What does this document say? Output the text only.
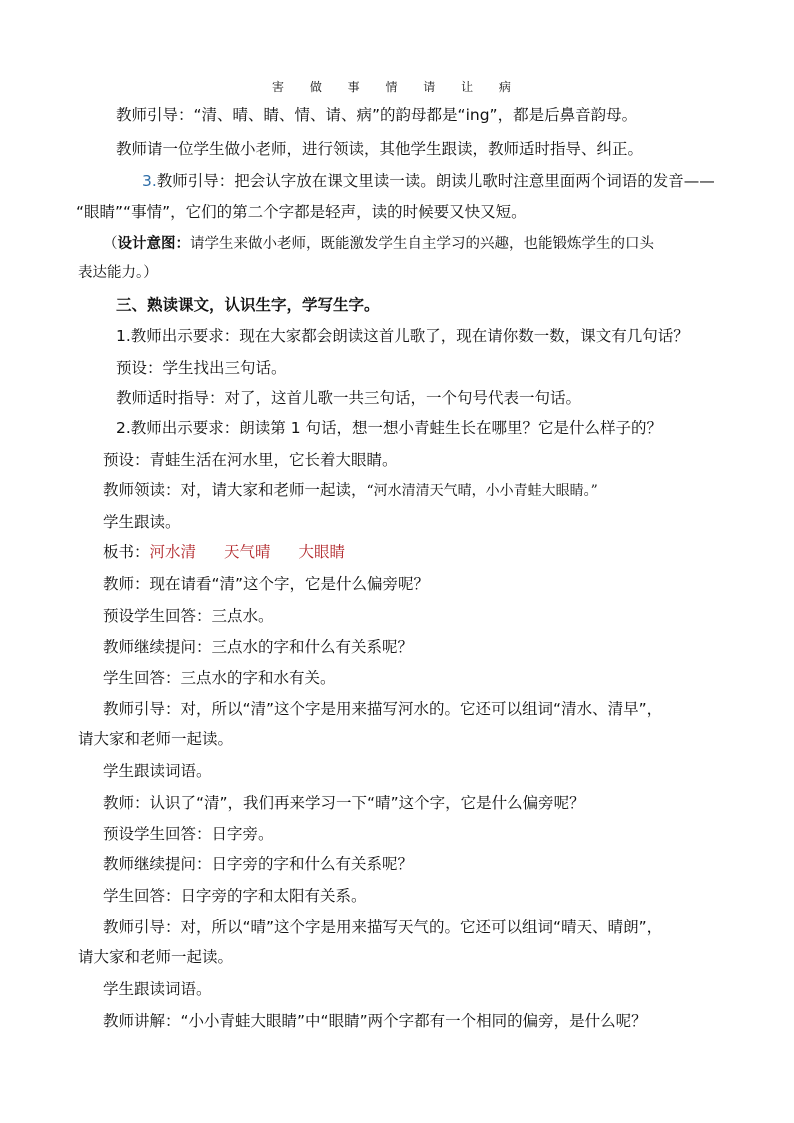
害 做 事 情 请 让 病
教师引导：“清、晴、睛、情、请、病”的韵母都是“ing”，都是后鼻音韵母。
教师请一位学生做小老师，进行领读，其他学生跟读，教师适时指导、纠正。
3.教师引导：把会认字放在课文里读一读。朗读儿歌时注意里面两个词语的发音——
“眼睛”“事情”，它们的第二个字都是轻声，读的时候要又快又短。
（设计意图：请学生来做小老师，既能激发学生自主学习的兴趣，也能锻炼学生的口头
表达能力。）
三、熟读课文，认识生字，学写生字。
1.教师出示要求：现在大家都会朗读这首儿歌了，现在请你数一数，课文有几句话？
预设：学生找出三句话。
教师适时指导：对了，这首儿歌一共三句话，一个句号代表一句话。
2.教师出示要求：朗读第 1 句话，想一想小青蛙生长在哪里？它是什么样子的？
预设：青蛙生活在河水里，它长着大眼睛。
教师领读：对，请大家和老师一起读，“河水清清天气晴，小小青蛙大眼睛。”
学生跟读。
板书：河水清 天气晴 大眼睛
教师：现在请看“清”这个字，它是什么偏旁呢？
预设学生回答：三点水。
教师继续提问：三点水的字和什么有关系呢？
学生回答：三点水的字和水有关。
教师引导：对，所以“清”这个字是用来描写河水的。它还可以组词“清水、清早”，
请大家和老师一起读。
学生跟读词语。
教师：认识了“清”，我们再来学习一下“晴”这个字，它是什么偏旁呢？
预设学生回答：日字旁。
教师继续提问：日字旁的字和什么有关系呢？
学生回答：日字旁的字和太阳有关系。
教师引导：对，所以“晴”这个字是用来描写天气的。它还可以组词“晴天、晴朗”，
请大家和老师一起读。
学生跟读词语。
教师讲解：“小小青蛙大眼睛”中“眼睛”两个字都有一个相同的偏旁，是什么呢？
